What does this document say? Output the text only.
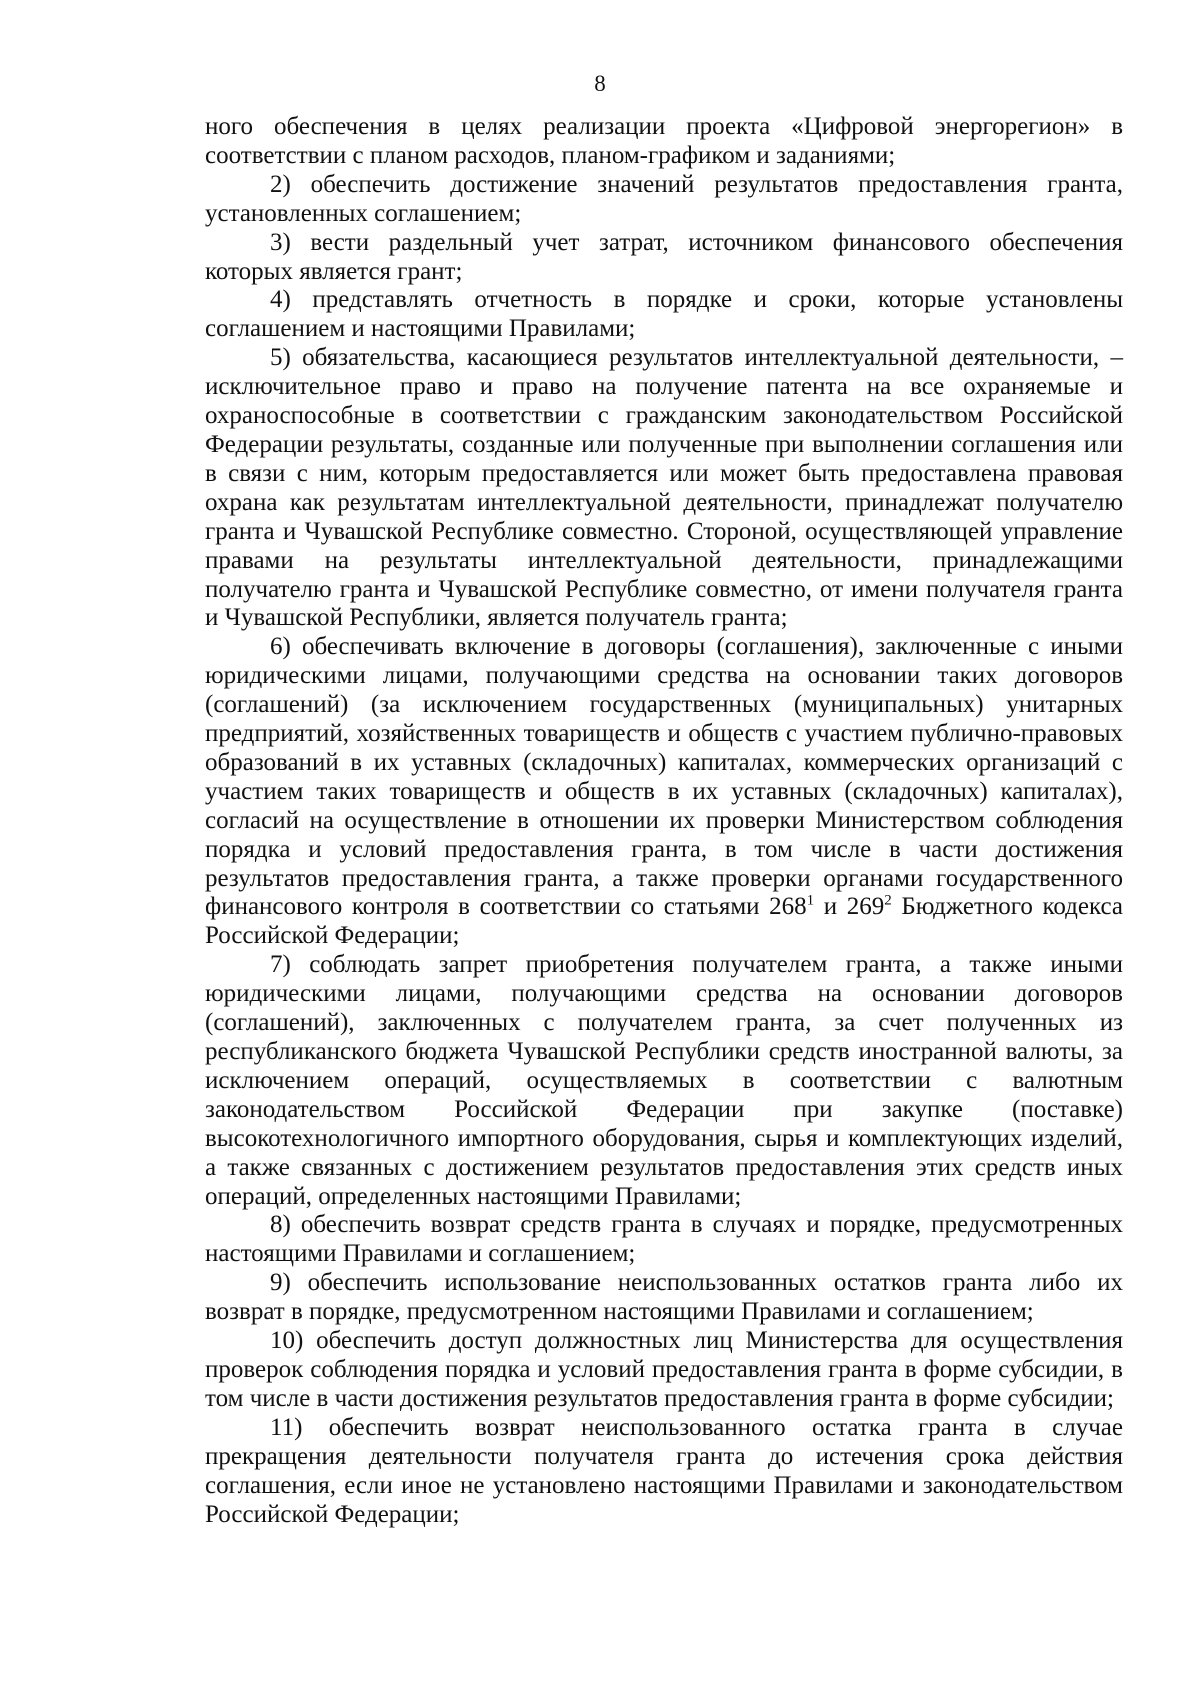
8

ного обеспечения в целях реализации проекта «Цифровой энергорегион» в соответствии с планом расходов, планом-графиком и заданиями;

2) обеспечить достижение значений результатов предоставления гранта, установленных соглашением;

3) вести раздельный учет затрат, источником финансового обеспечения которых является грант;

4) представлять отчетность в порядке и сроки, которые установлены соглашением и настоящими Правилами;

5) обязательства, касающиеся результатов интеллектуальной деятельности, – исключительное право и право на получение патента на все охраняемые и охраноспособные в соответствии с гражданским законодательством Российской Федерации результаты, созданные или полученные при выполнении соглашения или в связи с ним, которым предоставляется или может быть предоставлена правовая охрана как результатам интеллектуальной деятельности, принадлежат получателю гранта и Чувашской Республике совместно. Стороной, осуществляющей управление правами на результаты интеллектуальной деятельности, принадлежащими получателю гранта и Чувашской Республике совместно, от имени получателя гранта и Чувашской Республики, является получатель гранта;

6) обеспечивать включение в договоры (соглашения), заключенные с иными юридическими лицами, получающими средства на основании таких договоров (соглашений) (за исключением государственных (муниципальных) унитарных предприятий, хозяйственных товариществ и обществ с участием публично-правовых образований в их уставных (складочных) капиталах, коммерческих организаций с участием таких товариществ и обществ в их уставных (складочных) капиталах), согласий на осуществление в отношении их проверки Министерством соблюдения порядка и условий предоставления гранта, в том числе в части достижения результатов предоставления гранта, а также проверки органами государственного финансового контроля в соответствии со статьями $268^1$ и $269^2$ Бюджетного кодекса Российской Федерации;

7) соблюдать запрет приобретения получателем гранта, а также иными юридическими лицами, получающими средства на основании договоров (соглашений), заключенных с получателем гранта, за счет полученных из республиканского бюджета Чувашской Республики средств иностранной валюты, за исключением операций, осуществляемых в соответствии с валютным законодательством Российской Федерации при закупке (поставке) высокотехнологичного импортного оборудования, сырья и комплектующих изделий, а также связанных с достижением результатов предоставления этих средств иных операций, определенных настоящими Правилами;

8) обеспечить возврат средств гранта в случаях и порядке, предусмотренных настоящими Правилами и соглашением;

9) обеспечить использование неиспользованных остатков гранта либо их возврат в порядке, предусмотренном настоящими Правилами и соглашением;

10) обеспечить доступ должностных лиц Министерства для осуществления проверок соблюдения порядка и условий предоставления гранта в форме субсидии, в том числе в части достижения результатов предоставления гранта в форме субсидии;

11) обеспечить возврат неиспользованного остатка гранта в случае прекращения деятельности получателя гранта до истечения срока действия соглашения, если иное не установлено настоящими Правилами и законодательством Российской Федерации;
